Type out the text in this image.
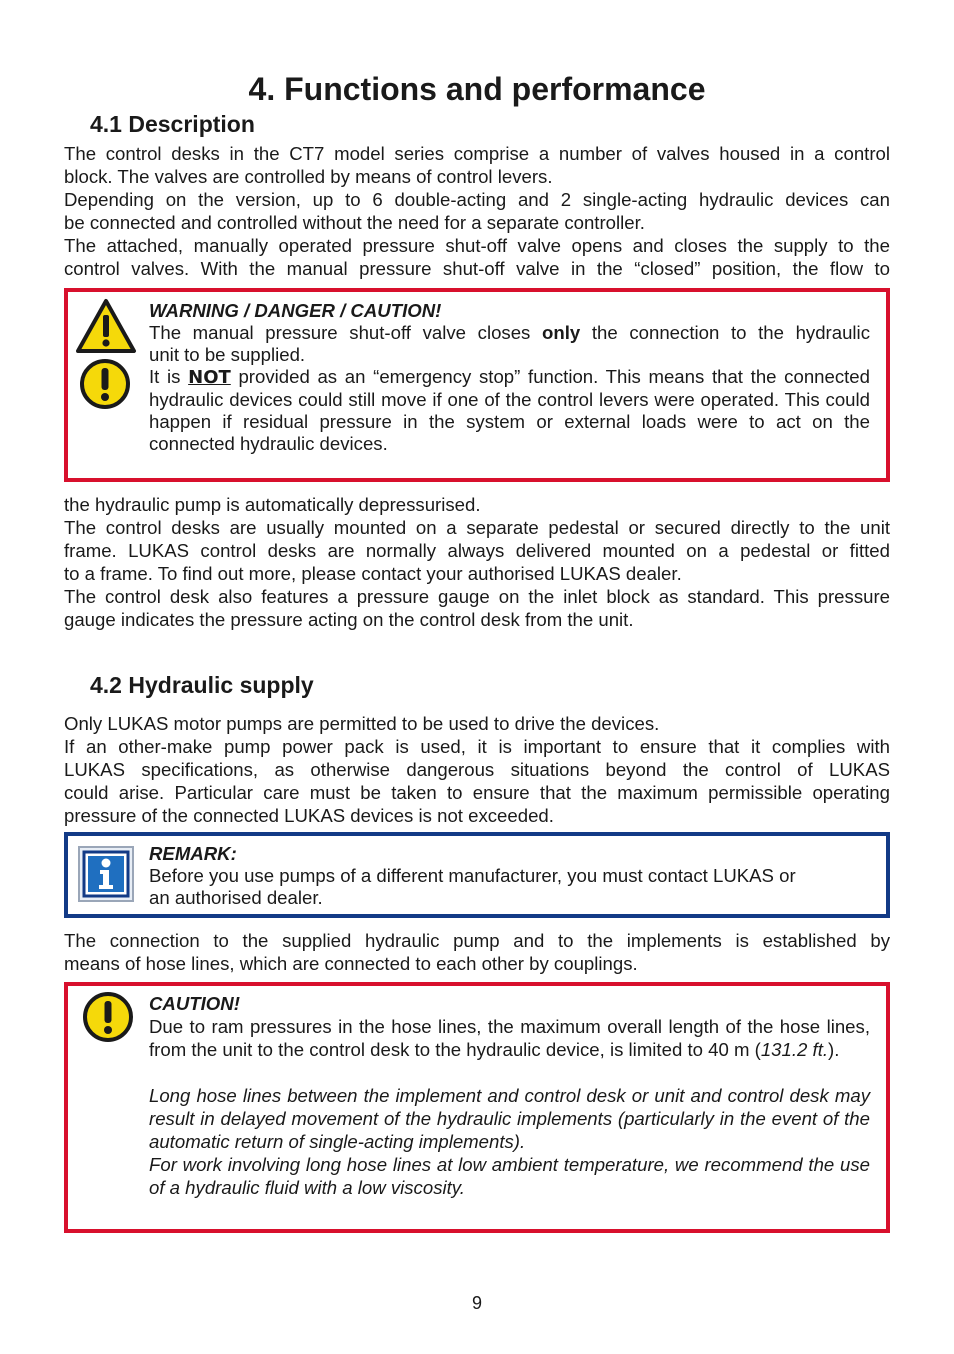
4. Functions and performance
4.1 Description

The control desks in the CT7 model series comprise a number of valves housed in a control
block. The valves are controlled by means of control levers.
Depending on the version, up to 6 double-acting and 2 single-acting hydraulic devices can
be connected and controlled without the need for a separate controller.
The attached, manually operated pressure shut-off valve opens and closes the supply to the
control valves. With the manual pressure shut-off valve in the “closed” position, the flow to

WARNING / DANGER / CAUTION!
The manual pressure shut-off valve closes only the connection to the hydraulic
unit to be supplied.
It is NOT provided as an “emergency stop” function. This means that the connected hydraulic devices could still move if one of the control levers were operated. This could happen if residual pressure in the system or external loads were to act on the connected hydraulic devices.

the hydraulic pump is automatically depressurised.
The control desks are usually mounted on a separate pedestal or secured directly to the unit
frame. LUKAS control desks are normally always delivered mounted on a pedestal or fitted
to a frame. To find out more, please contact your authorised LUKAS dealer.
The control desk also features a pressure gauge on the inlet block as standard. This pressure
gauge indicates the pressure acting on the control desk from the unit.

4.2 Hydraulic supply

Only LUKAS motor pumps are permitted to be used to drive the devices.
If an other-make pump power pack is used, it is important to ensure that it complies with
LUKAS specifications, as otherwise dangerous situations beyond the control of LUKAS
could arise. Particular care must be taken to ensure that the maximum permissible operating
pressure of the connected LUKAS devices is not exceeded.

REMARK:
Before you use pumps of a different manufacturer, you must contact LUKAS or
an authorised dealer.

The connection to the supplied hydraulic pump and to the implements is established by
means of hose lines, which are connected to each other by couplings.

CAUTION!
Due to ram pressures in the hose lines, the maximum overall length of the hose lines, from the unit to the control desk to the hydraulic device, is limited to 40 m (131.2 ft.).
Long hose lines between the implement and control desk or unit and control desk may result in delayed movement of the hydraulic implements (particularly in the event of the automatic return of single-acting implements).
For work involving long hose lines at low ambient temperature, we recommend the use of a hydraulic fluid with a low viscosity.
9
